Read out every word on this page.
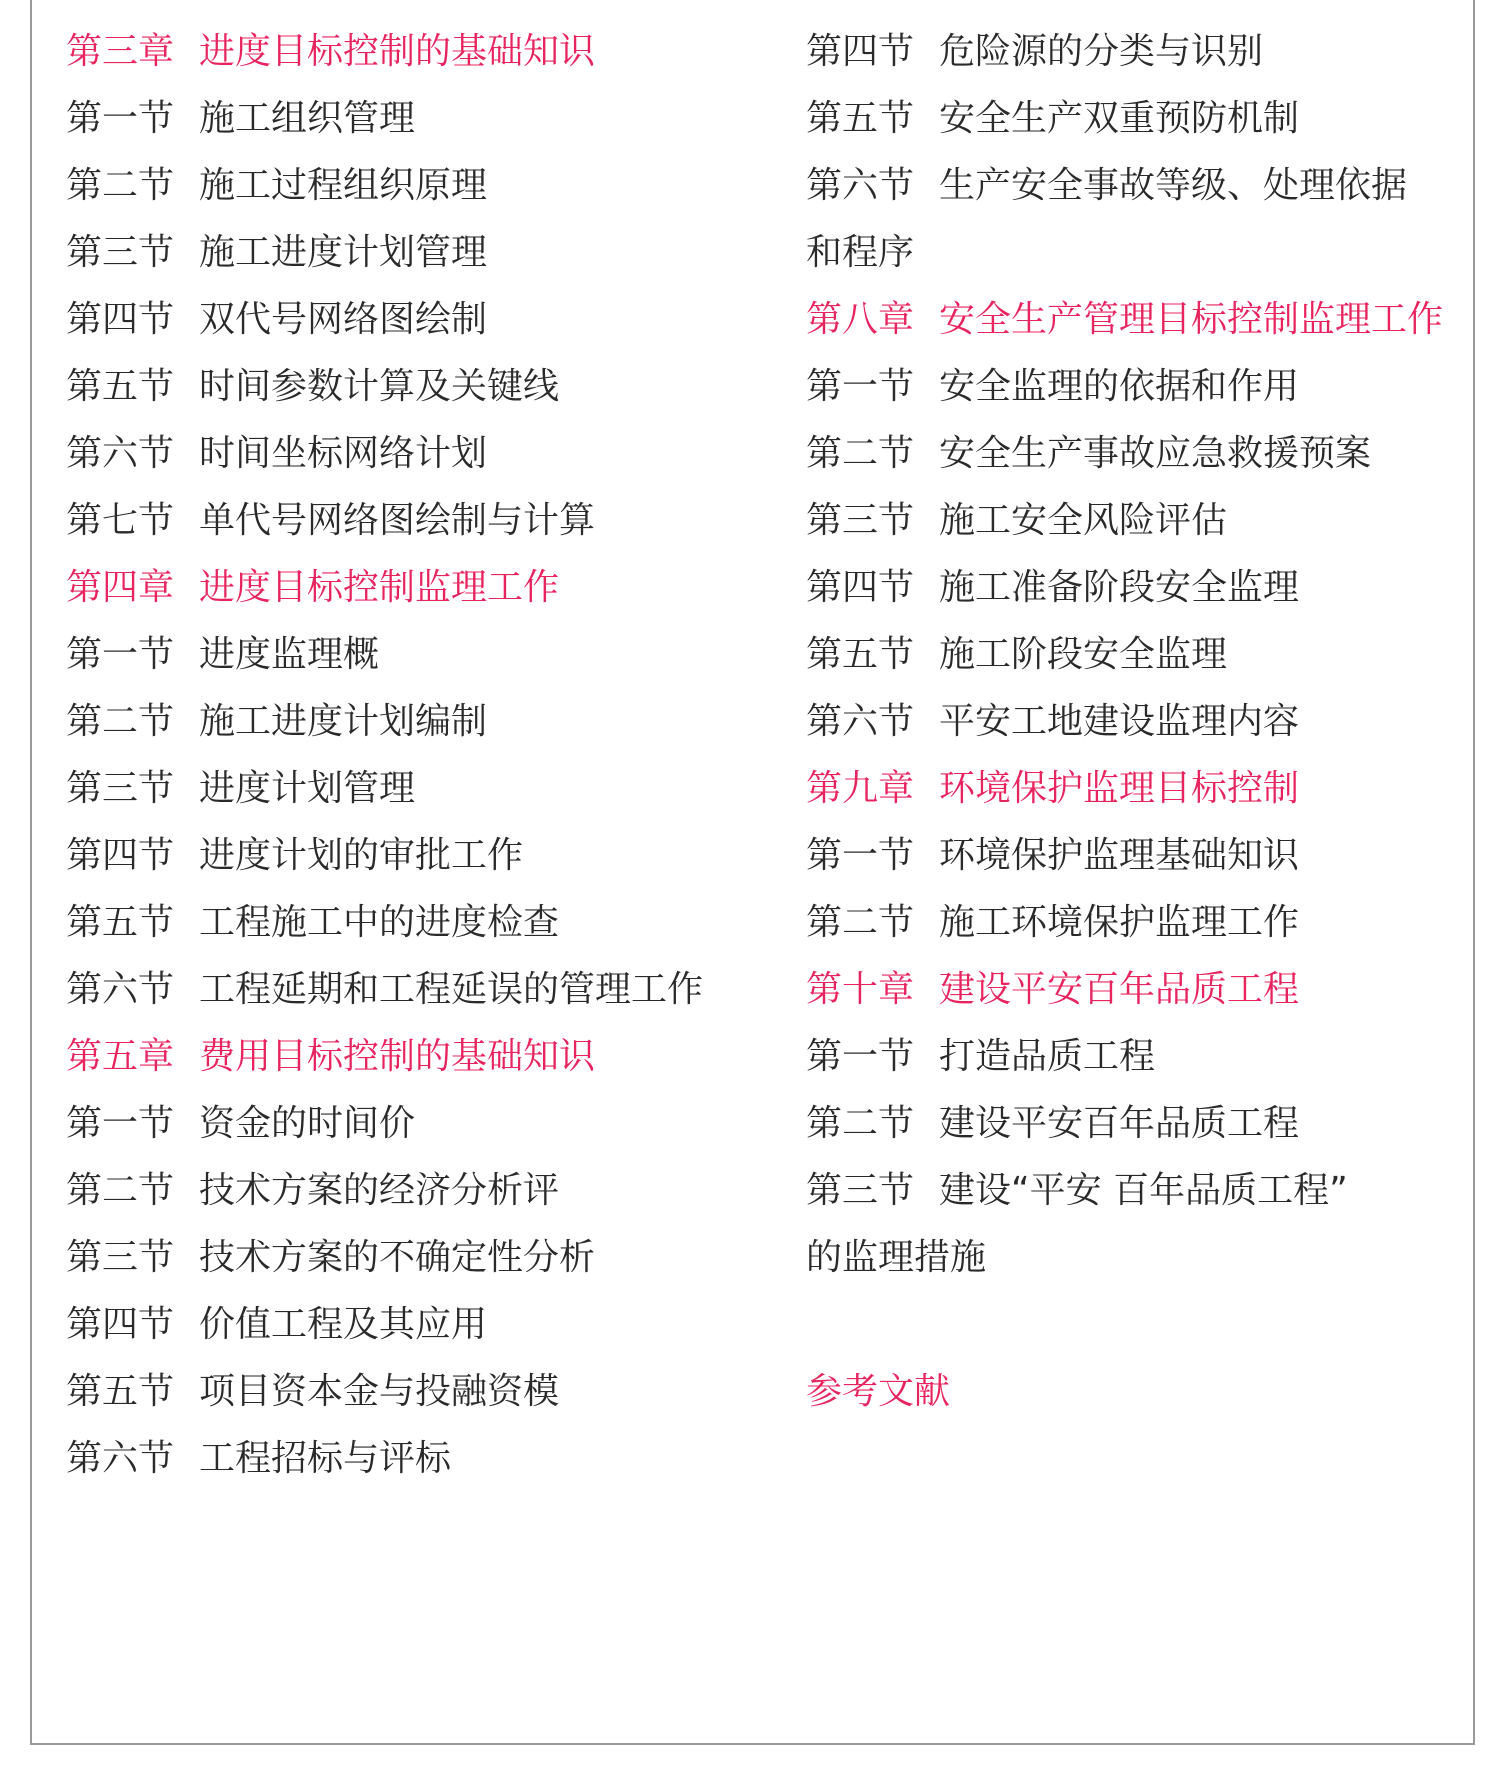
第三章 进度目标控制的基础知识
第一节 施工组织管理
第二节 施工过程组织原理
第三节 施工进度计划管理
第四节 双代号网络图绘制
第五节 时间参数计算及关键线
第六节 时间坐标网络计划
第七节 单代号网络图绘制与计算
第四章 进度目标控制监理工作
第一节 进度监理概
第二节 施工进度计划编制
第三节 进度计划管理
第四节 进度计划的审批工作
第五节 工程施工中的进度检查
第六节 工程延期和工程延误的管理工作
第五章 费用目标控制的基础知识
第一节 资金的时间价
第二节 技术方案的经济分析评
第三节 技术方案的不确定性分析
第四节 价值工程及其应用
第五节 项目资本金与投融资模
第六节 工程招标与评标
第四节 危险源的分类与识别
第五节 安全生产双重预防机制
第六节 生产安全事故等级、处理依据
和程序
第八章 安全生产管理目标控制监理工作
第一节 安全监理的依据和作用
第二节 安全生产事故应急救援预案
第三节 施工安全风险评估
第四节 施工准备阶段安全监理
第五节 施工阶段安全监理
第六节 平安工地建设监理内容
第九章 环境保护监理目标控制
第一节 环境保护监理基础知识
第二节 施工环境保护监理工作
第十章 建设平安百年品质工程
第一节 打造品质工程
第二节 建设平安百年品质工程
第三节 建设“平安 百年品质工程”
的监理措施
参考文献
